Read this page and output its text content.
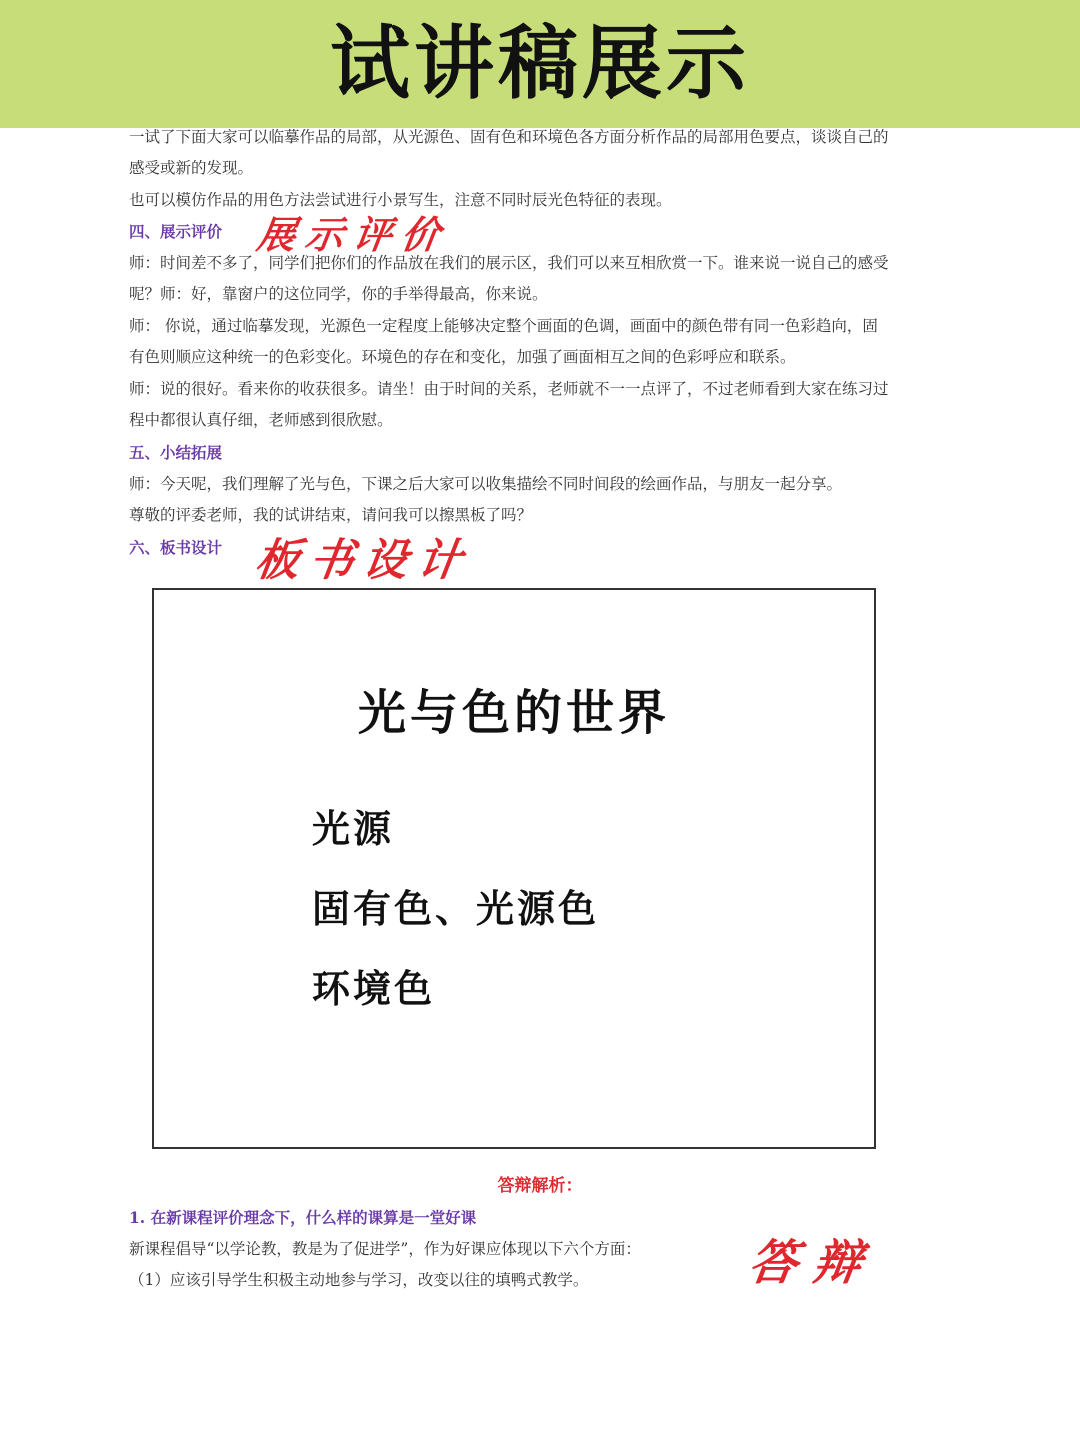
试讲稿展示
一试了下面大家可以临摹作品的局部，从光源色、固有色和环境色各方面分析作品的局部用色要点，谈谈自己的
感受或新的发现。
也可以模仿作品的用色方法尝试进行小景写生，注意不同时辰光色特征的表现。
四、展示评价 展示评价
师：时间差不多了，同学们把你们的作品放在我们的展示区，我们可以来互相欣赏一下。谁来说一说自己的感受
呢？师：好，靠窗户的这位同学，你的手举得最高，你来说。
师： 你说，通过临摹发现，光源色一定程度上能够决定整个画面的色调，画面中的颜色带有同一色彩趋向，固
有色则顺应这种统一的色彩变化。环境色的存在和变化，加强了画面相互之间的色彩呼应和联系。
师：说的很好。看来你的收获很多。请坐！由于时间的关系，老师就不一一点评了，不过老师看到大家在练习过
程中都很认真仔细，老师感到很欣慰。
五、小结拓展
师：今天呢，我们理解了光与色，下课之后大家可以收集描绘不同时间段的绘画作品，与朋友一起分享。
尊敬的评委老师，我的试讲结束，请问我可以擦黑板了吗？
六、板书设计 板书设计
光与色的世界
光源
固有色、光源色
环境色
答辩解析：
1. 在新课程评价理念下，什么样的课算是一堂好课
新课程倡导“以学论教，教是为了促进学”，作为好课应体现以下六个方面：
（1）应该引导学生积极主动地参与学习，改变以往的填鸭式教学。	答辩
